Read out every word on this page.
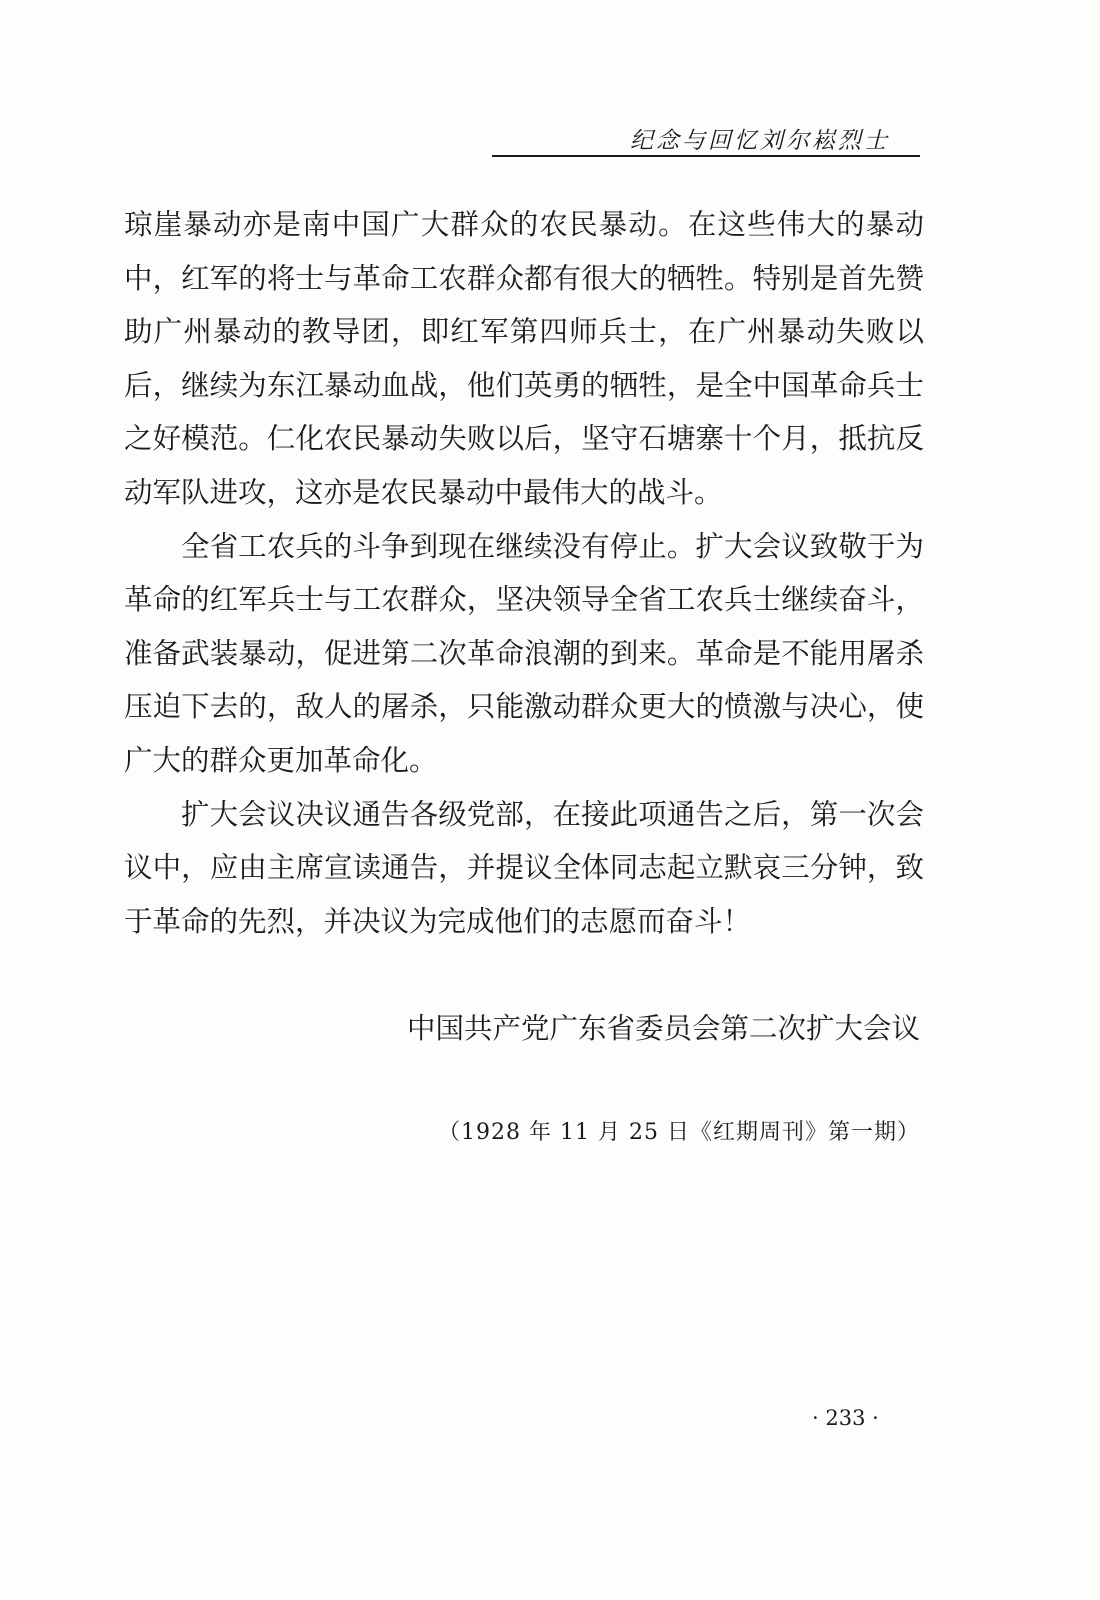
纪念与回忆刘尔崧烈士

琼崖暴动亦是南中国广大群众的农民暴动。在这些伟大的暴动中，红军的将士与革命工农群众都有很大的牺牲。特别是首先赞助广州暴动的教导团，即红军第四师兵士，在广州暴动失败以后，继续为东江暴动血战，他们英勇的牺牲，是全中国革命兵士之好模范。仁化农民暴动失败以后，坚守石塘寨十个月，抵抗反动军队进攻，这亦是农民暴动中最伟大的战斗。

全省工农兵的斗争到现在继续没有停止。扩大会议致敬于为革命的红军兵士与工农群众，坚决领导全省工农兵士继续奋斗，准备武装暴动，促进第二次革命浪潮的到来。革命是不能用屠杀压迫下去的，敌人的屠杀，只能激动群众更大的愤激与决心，使广大的群众更加革命化。

扩大会议决议通告各级党部，在接此项通告之后，第一次会议中，应由主席宣读通告，并提议全体同志起立默哀三分钟，致于革命的先烈，并决议为完成他们的志愿而奋斗！

中国共产党广东省委员会第二次扩大会议
（1928 年 11 月 25 日《红期周刊》第一期）
· 233 ·
